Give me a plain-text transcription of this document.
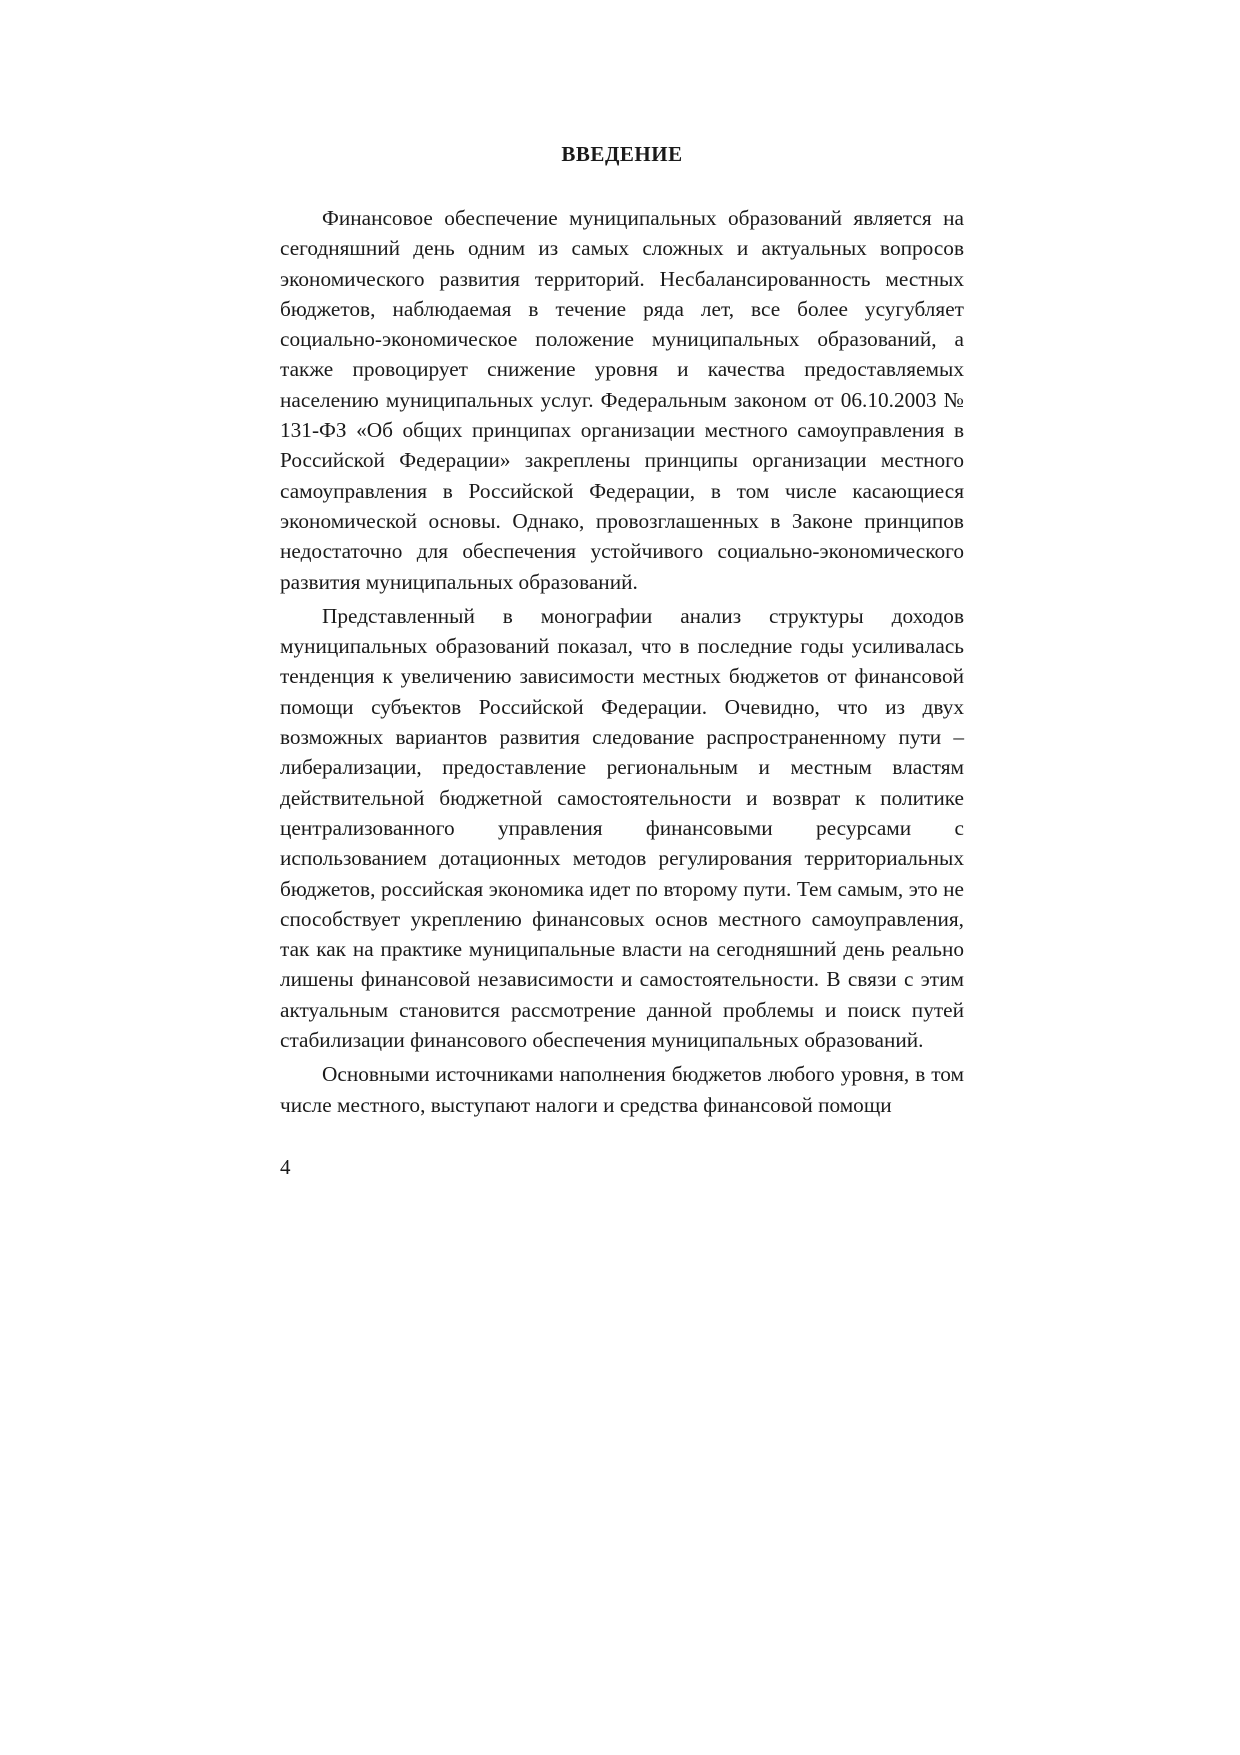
ВВЕДЕНИЕ

Финансовое обеспечение муниципальных образований является на сегодняшний день одним из самых сложных и актуальных вопросов экономического развития территорий. Несбалансированность местных бюджетов, наблюдаемая в течение ряда лет, все более усугубляет социально-экономическое положение муниципальных образований, а также провоцирует снижение уровня и качества предоставляемых населению муниципальных услуг. Федеральным законом от 06.10.2003 № 131-ФЗ «Об общих принципах организации местного самоуправления в Российской Федерации» закреплены принципы организации местного самоуправления в Российской Федерации, в том числе касающиеся экономической основы. Однако, провозглашенных в Законе принципов недостаточно для обеспечения устойчивого социально-экономического развития муниципальных образований.

Представленный в монографии анализ структуры доходов муниципальных образований показал, что в последние годы усиливалась тенденция к увеличению зависимости местных бюджетов от финансовой помощи субъектов Российской Федерации. Очевидно, что из двух возможных вариантов развития следование распространенному пути – либерализации, предоставление региональным и местным властям действительной бюджетной самостоятельности и возврат к политике централизованного управления финансовыми ресурсами с использованием дотационных методов регулирования территориальных бюджетов, российская экономика идет по второму пути. Тем самым, это не способствует укреплению финансовых основ местного самоуправления, так как на практике муниципальные власти на сегодняшний день реально лишены финансовой независимости и самостоятельности. В связи с этим актуальным становится рассмотрение данной проблемы и поиск путей стабилизации финансового обеспечения муниципальных образований.

Основными источниками наполнения бюджетов любого уровня, в том числе местного, выступают налоги и средства финансовой помощи

4
